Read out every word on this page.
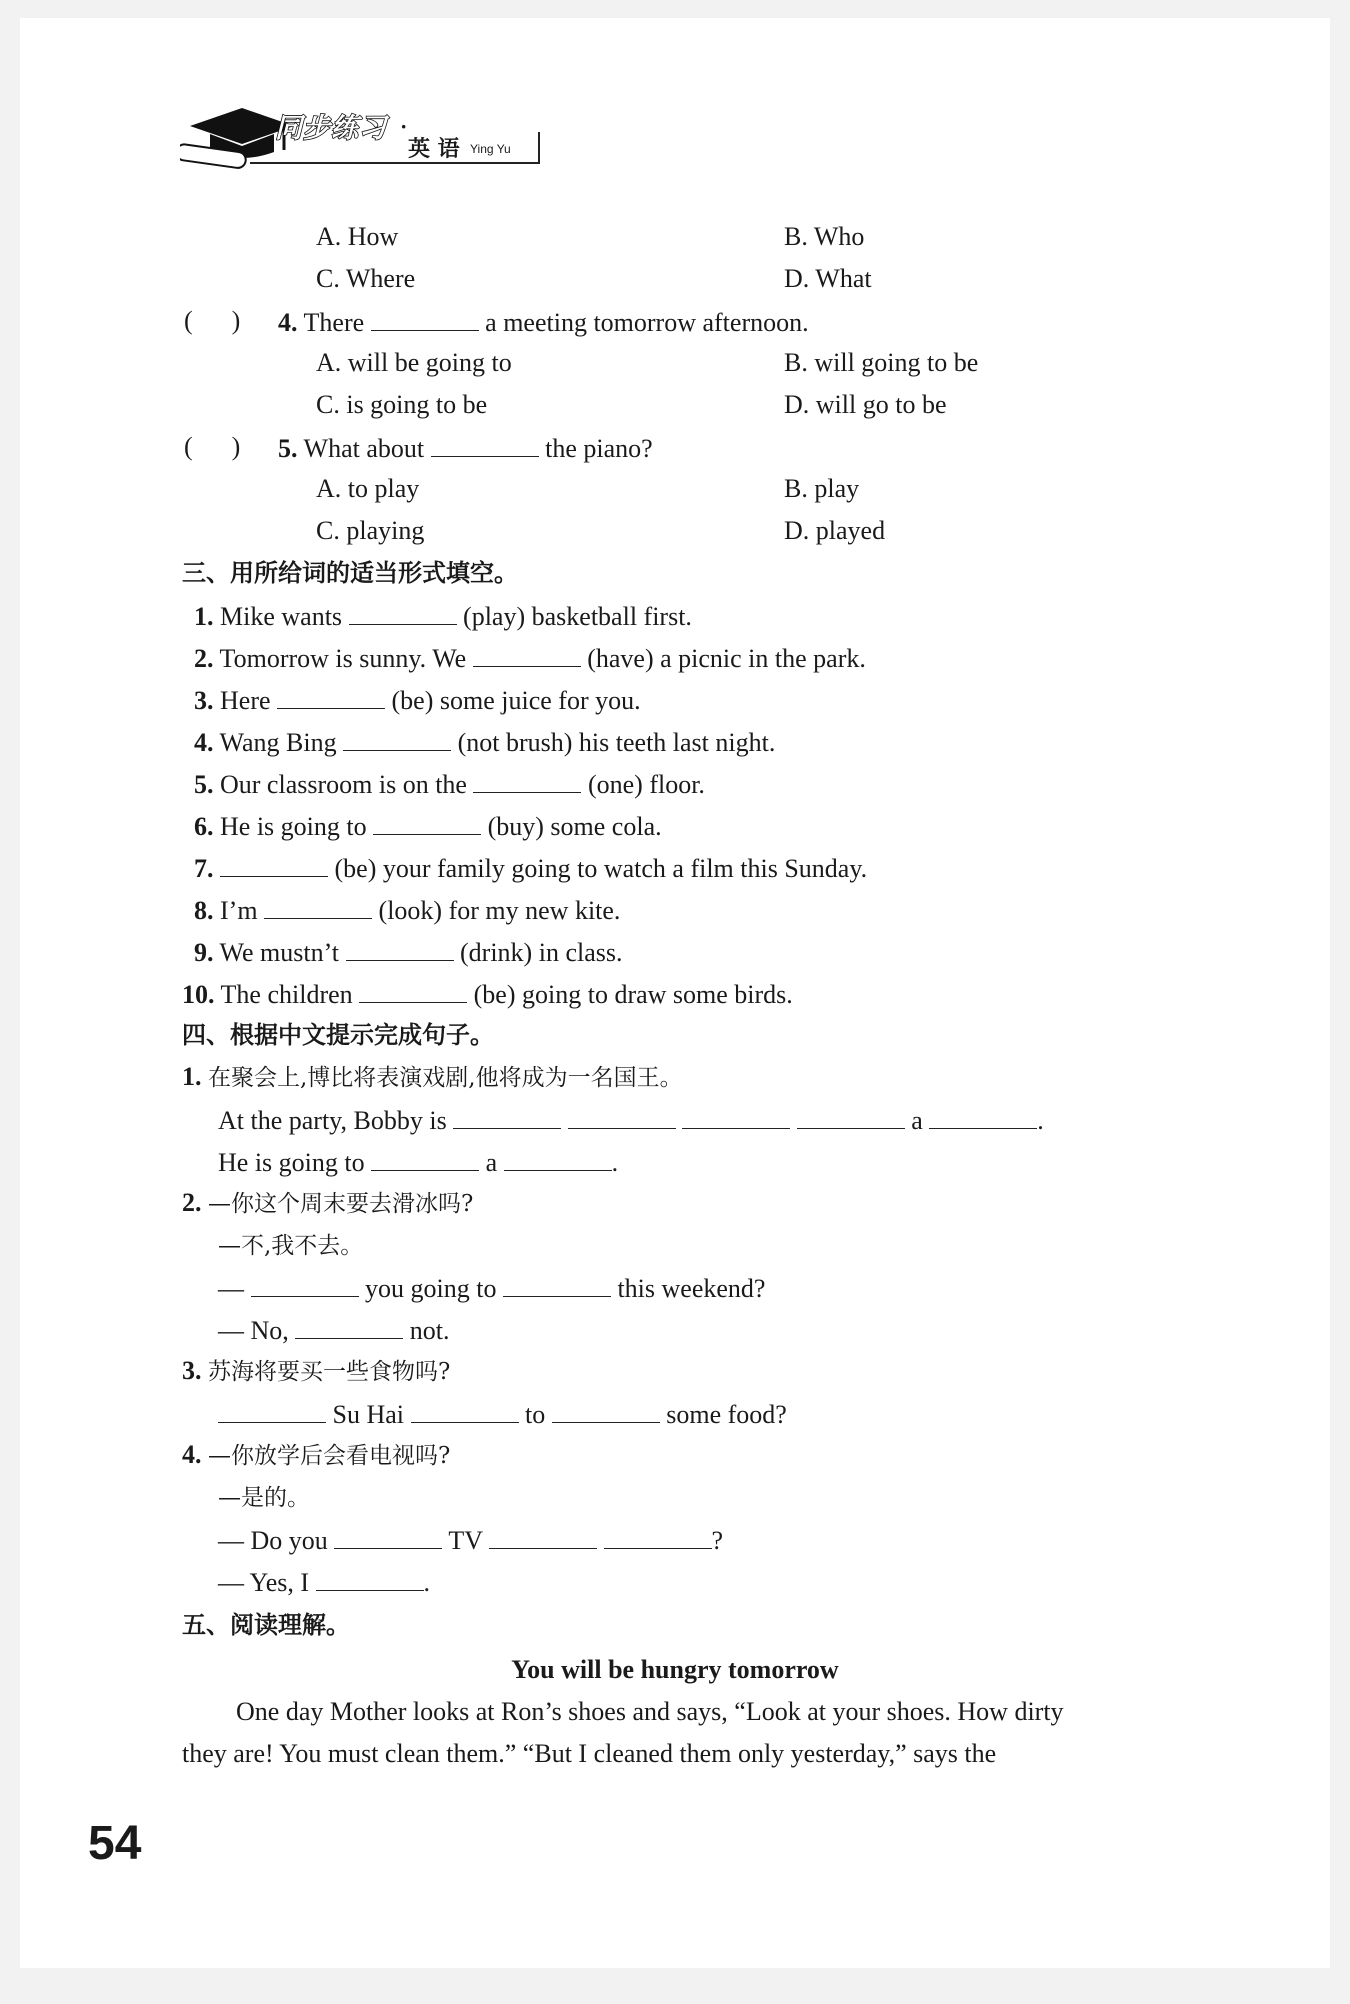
同步练习 ·
英 语 Ying Yu
A. How	B. Who
C. Where	D. What
(      ) 4. There	a meeting tomorrow afternoon.
A. will be going to	B. will going to be
C. is going to be	D. will go to be
(      ) 5. What about	the piano?
A. to play	B. play
C. playing	D. played
三、用所给词的适当形式填空。
1. Mike wants	(play) basketball first.
2. Tomorrow is sunny. We	(have) a picnic in the park.
3. Here	(be) some juice for you.
4. Wang Bing	(not brush) his teeth last night.
5. Our classroom is on the	(one) floor.
6. He is going to	(buy) some cola.
7.	(be) your family going to watch a film this Sunday.
8. I’m	(look) for my new kite.
9. We mustn’t	(drink) in class.
10. The children	(be) going to draw some birds.
四、根据中文提示完成句子。
1. 在聚会上,博比将表演戏剧,他将成为一名国王。
At the party, Bobby is	a	.
He is going to	a	.
2. —你这个周末要去滑冰吗?
—不,我不去。
—	you going to	this weekend?
— No,	not.
3. 苏海将要买一些食物吗?
Su Hai	to	some food?
4. —你放学后会看电视吗?
—是的。
— Do you	TV	?
— Yes, I	.
五、阅读理解。
You will be hungry tomorrow
One day Mother looks at Ron’s shoes and says, “Look at your shoes. How dirty
they are! You must clean them.” “But I cleaned them only yesterday,” says the
54
